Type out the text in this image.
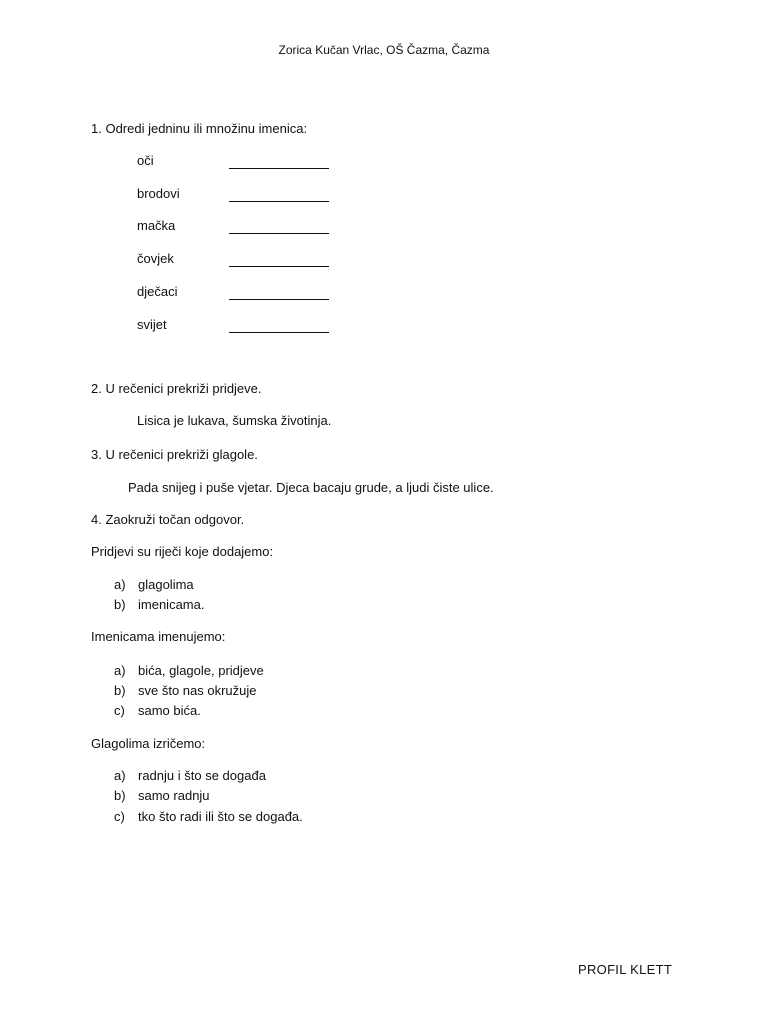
Zorica Kučan Vrlac, OŠ Čazma, Čazma
1. Odredi jedninu ili množinu imenica:
oči
brodovi
mačka
čovjek
dječaci
svijet
2. U rečenici prekriži pridjeve.
Lisica je lukava, šumska životinja.
3. U rečenici prekriži glagole.
Pada snijeg i puše vjetar. Djeca bacaju grude, a ljudi čiste ulice.
4. Zaokruži točan odgovor.
Pridjevi su riječi koje dodajemo:
a) glagolima
b) imenicama.
Imenicama imenujemo:
a) bića, glagole, pridjeve
b) sve što nas okružuje
c) samo bića.
Glagolima izričemo:
a) radnju i što se događa
b) samo radnju
c) tko što radi ili što se događa.
PROFIL KLETT
